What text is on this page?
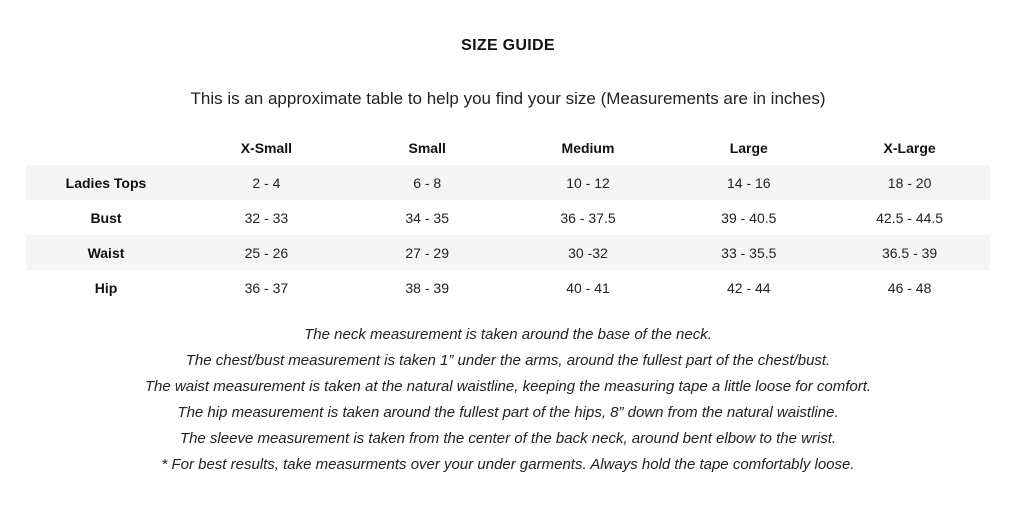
SIZE GUIDE
This is an approximate table to help you find your size (Measurements are in inches)
	X-Small	Small	Medium	Large	X-Large
Ladies Tops	2 - 4	6 - 8	10 - 12	14 - 16	18 - 20
Bust	32 - 33	34 - 35	36 - 37.5	39 - 40.5	42.5 - 44.5
Waist	25 - 26	27 - 29	30 -32	33 - 35.5	36.5 - 39
Hip	36 - 37	38 - 39	40 - 41	42 - 44	46 - 48
The neck measurement is taken around the base of the neck.
The chest/bust measurement is taken 1” under the arms, around the fullest part of the chest/bust.
The waist measurement is taken at the natural waistline, keeping the measuring tape a little loose for comfort.
The hip measurement is taken around the fullest part of the hips, 8” down from the natural waistline.
The sleeve measurement is taken from the center of the back neck, around bent elbow to the wrist.
* For best results, take measurments over your under garments. Always hold the tape comfortably loose.
